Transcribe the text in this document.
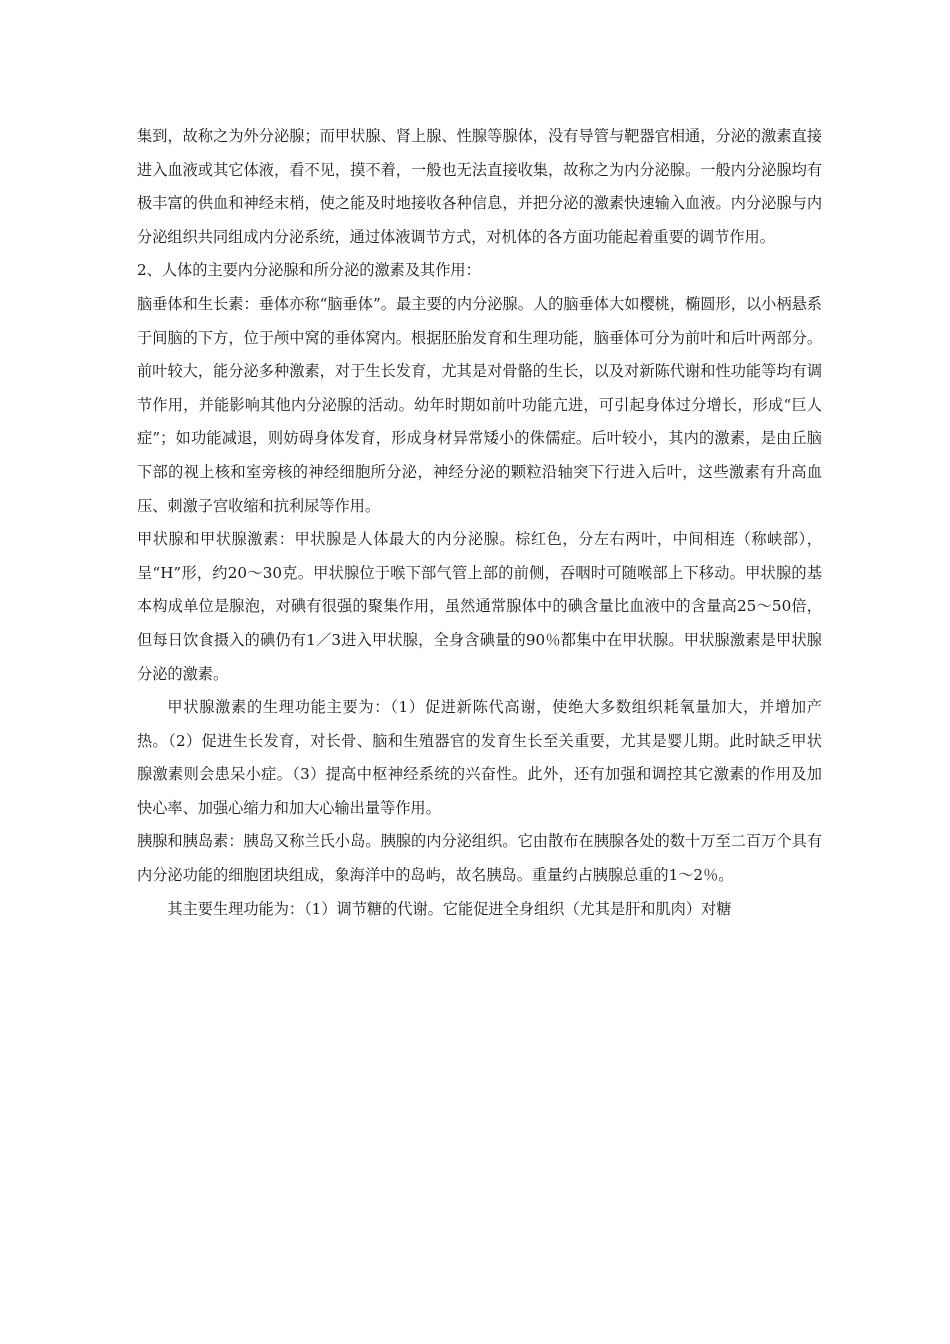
集到，故称之为外分泌腺；而甲状腺、肾上腺、性腺等腺体，没有导管与靶器官相通，分泌的激素直接进入血液或其它体液，看不见，摸不着，一般也无法直接收集，故称之为内分泌腺。一般内分泌腺均有极丰富的供血和神经末梢，使之能及时地接收各种信息，并把分泌的激素快速输入血液。内分泌腺与内分泌组织共同组成内分泌系统，通过体液调节方式，对机体的各方面功能起着重要的调节作用。

2、人体的主要内分泌腺和所分泌的激素及其作用：

脑垂体和生长素：垂体亦称“脑垂体”。最主要的内分泌腺。人的脑垂体大如樱桃，椭圆形，以小柄悬系于间脑的下方，位于颅中窝的垂体窝内。根据胚胎发育和生理功能，脑垂体可分为前叶和后叶两部分。前叶较大，能分泌多种激素，对于生长发育，尤其是对骨骼的生长，以及对新陈代谢和性功能等均有调节作用，并能影响其他内分泌腺的活动。幼年时期如前叶功能亢进，可引起身体过分增长，形成“巨人症”；如功能减退，则妨碍身体发育，形成身材异常矮小的侏儒症。后叶较小，其内的激素，是由丘脑下部的视上核和室旁核的神经细胞所分泌，神经分泌的颗粒沿轴突下行进入后叶，这些激素有升高血压、刺激子宫收缩和抗利尿等作用。

甲状腺和甲状腺激素：甲状腺是人体最大的内分泌腺。棕红色，分左右两叶，中间相连（称峡部），呈“H”形，约20～30克。甲状腺位于喉下部气管上部的前侧，吞咽时可随喉部上下移动。甲状腺的基本构成单位是腺泡，对碘有很强的聚集作用，虽然通常腺体中的碘含量比血液中的含量高25～50倍，但每日饮食摄入的碘仍有1／3进入甲状腺，全身含碘量的90％都集中在甲状腺。甲状腺激素是甲状腺分泌的激素。

甲状腺激素的生理功能主要为：（1）促进新陈代高谢，使绝大多数组织耗氧量加大，并增加产热。（2）促进生长发育，对长骨、脑和生殖器官的发育生长至关重要，尤其是婴儿期。此时缺乏甲状腺激素则会患呆小症。（3）提高中枢神经系统的兴奋性。此外，还有加强和调控其它激素的作用及加快心率、加强心缩力和加大心输出量等作用。

胰腺和胰岛素：胰岛又称兰氏小岛。胰腺的内分泌组织。它由散布在胰腺各处的数十万至二百万个具有内分泌功能的细胞团块组成，象海洋中的岛屿，故名胰岛。重量约占胰腺总重的1～2％。

其主要生理功能为：（1）调节糖的代谢。它能促进全身组织（尤其是肝和肌肉）对糖
